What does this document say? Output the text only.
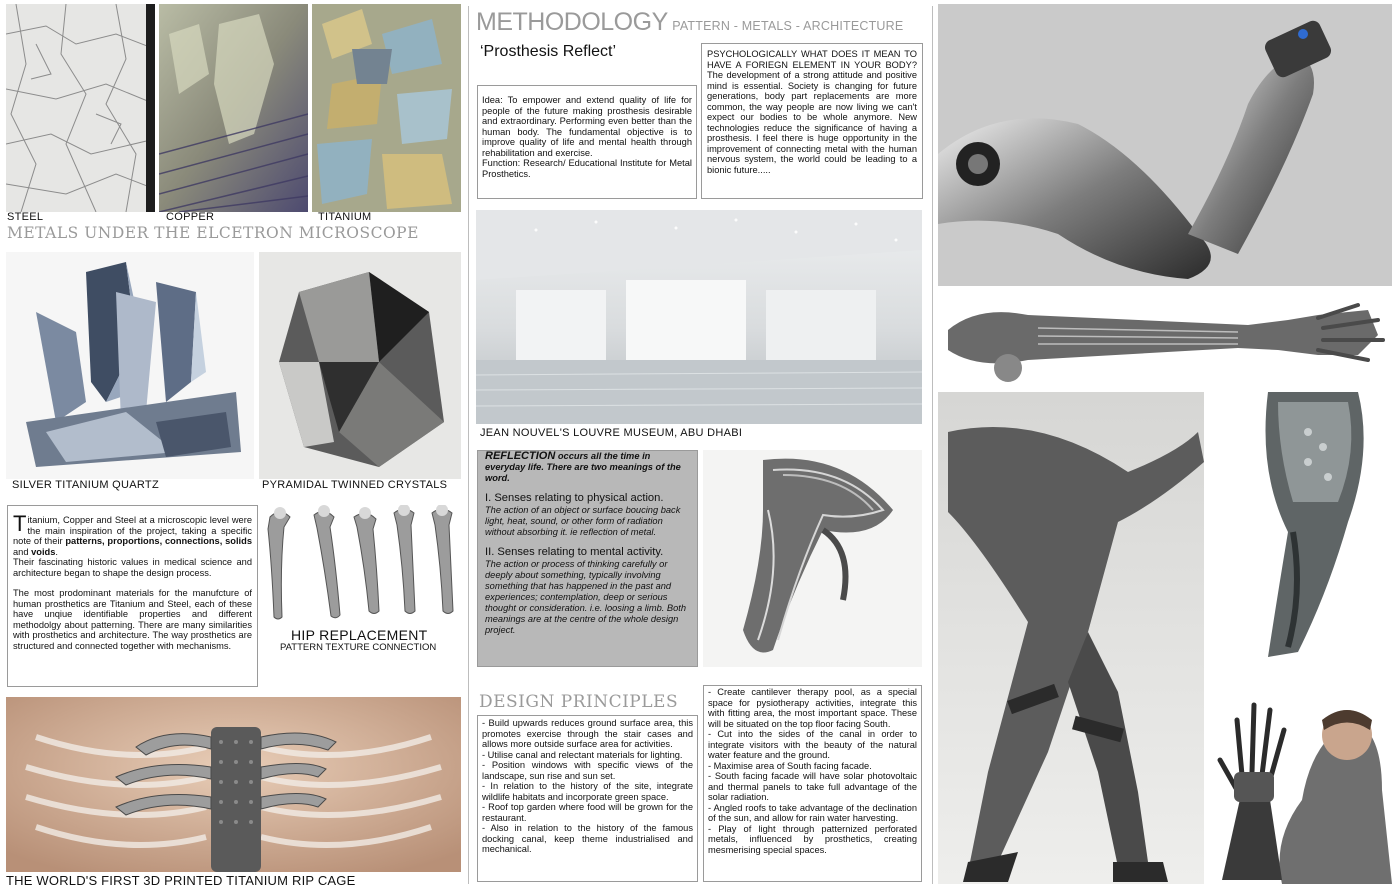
STEEL	COPPER	TITANIUM
METALS UNDER THE ELCETRON MICROSCOPE
SILVER TITANIUM QUARTZ	PYRAMIDAL TWINNED CRYSTALS
Titanium, Copper and Steel at a microscopic level were the main inspiration of the project, taking a specific note of their patterns, proportions, connections, solids and voids.
Their fascinating historic values in medical science and architecture began to shape the design process.
The most prodominant materials for the manufcture of human prosthetics are Titanium and Steel, each of these have unqiue identifiable properties and different methodolgy about patterning. There are many similarities with prosthetics and architecture. The way prosthetics are structured and connected together with mechanisms.
HIP REPLACEMENT
PATTERN TEXTURE CONNECTION
THE WORLD'S FIRST 3D PRINTED TITANIUM RIP CAGE
METHODOLOGY PATTERN - METALS - ARCHITECTURE
‘Prosthesis Reflect’
Idea: To empower and extend quality of life for people of the future making prosthesis desirable and extraordinary. Performing even better than the human body. The fundamental objective is to improve quality of life and mental health through rehabilitation and exercise.
Function: Research/ Educational Institute for Metal Prosthetics.
PSYCHOLOGICALLY WHAT DOES IT MEAN TO HAVE A FORIEGN ELEMENT IN YOUR BODY? The development of a strong attitude and positive mind is essential. Society is changing for future generations, body part replacements are more common, the way people are now living we can't expect our bodies to be whole anymore. New technologies reduce the significance of having a prosthesis. I feel there is huge opportunity in the improvement of connecting metal with the human nervous system, the world could be leading to a bionic future.....
JEAN NOUVEL'S LOUVRE MUSEUM, ABU DHABI
REFLECTION occurs all the time in everyday life. There are two meanings of the word.
I. Senses relating to physical action.
The action of an object or surface boucing back light, heat, sound, or other form of radiation without absorbing it. ie reflection of metal.
II. Senses relating to mental activity.
The action or process of thinking carefully or deeply about something, typically involving something that has happened in the past and experiences; contemplation, deep or serious
thought or consideration. i.e. loosing a limb. Both meanings are at the centre of the whole design project.
DESIGN PRINCIPLES
- Build upwards reduces ground surface area, this promotes exercise through the stair cases and allows more outside surface area for activities.
- Utilise canal and relectant materials for lighting.
- Position windows with specific views of the landscape, sun rise and sun set.
- In relation to the history of the site, integrate wildlife habitats and incorporate green space.
- Roof top garden where food will be grown for the restaurant.
- Also in relation to the history of the famous docking canal, keep theme industrialised and mechanical.
- Create cantilever therapy pool, as a special space for pysiotherapy activities, integrate this with fitting area, the most important space. These will be situated on the top floor facing South.
- Cut into the sides of the canal in order to integrate visitors with the beauty of the natural water feature and the ground.
- Maximise area of South facing facade.
- South facing facade will have solar photovoltaic and thermal panels to take full advantage of the solar radiation.
- Angled roofs to take advantage of the declination of the sun, and allow for rain water harvesting.
- Play of light through patternized perforated metals, influenced by prosthetics, creating mesmerising special spaces.
